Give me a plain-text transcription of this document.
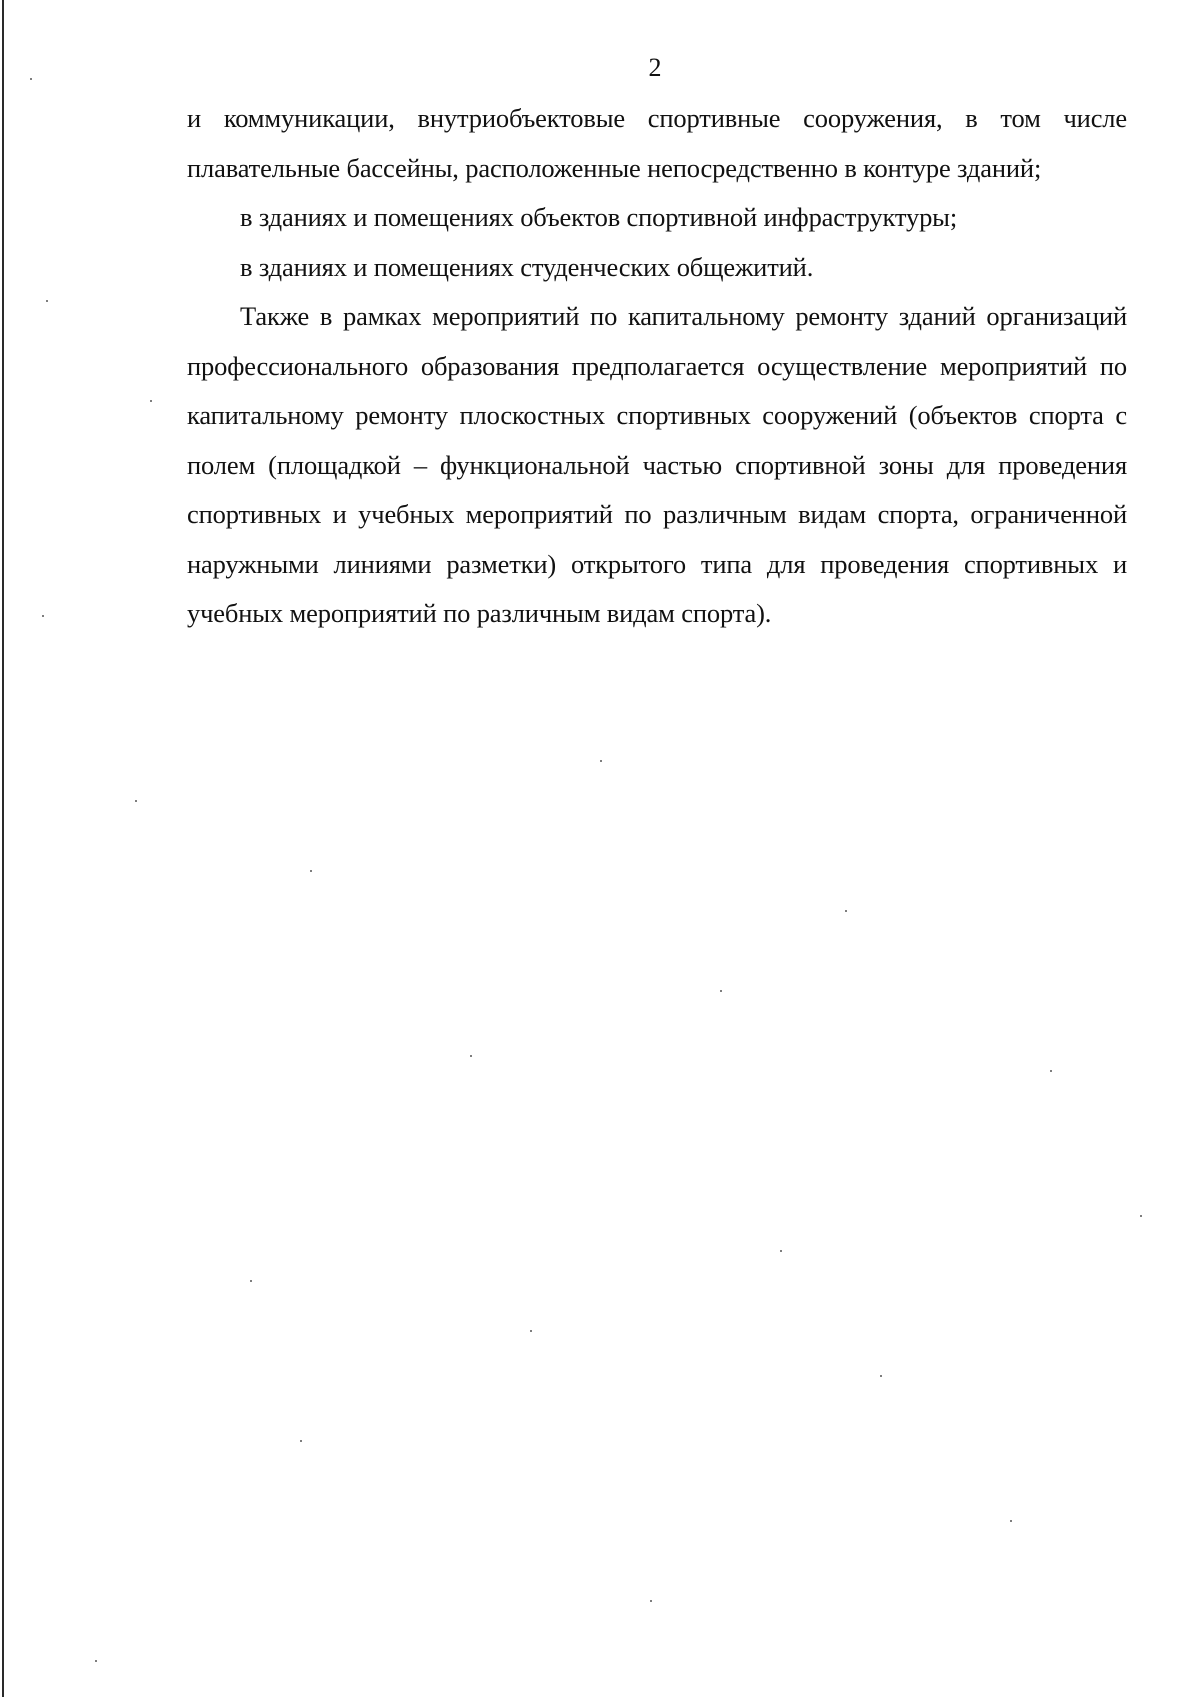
2

и коммуникации, внутриобъектовые спортивные сооружения, в том числе плавательные бассейны, расположенные непосредственно в контуре зданий;

в зданиях и помещениях объектов спортивной инфраструктуры;

в зданиях и помещениях студенческих общежитий.

Также в рамках мероприятий по капитальному ремонту зданий организаций профессионального образования предполагается осуществление мероприятий по капитальному ремонту плоскостных спортивных сооружений (объектов спорта с полем (площадкой – функциональной частью спортивной зоны для проведения спортивных и учебных мероприятий по различным видам спорта, ограниченной наружными линиями разметки) открытого типа для проведения спортивных и учебных мероприятий по различным видам спорта).
